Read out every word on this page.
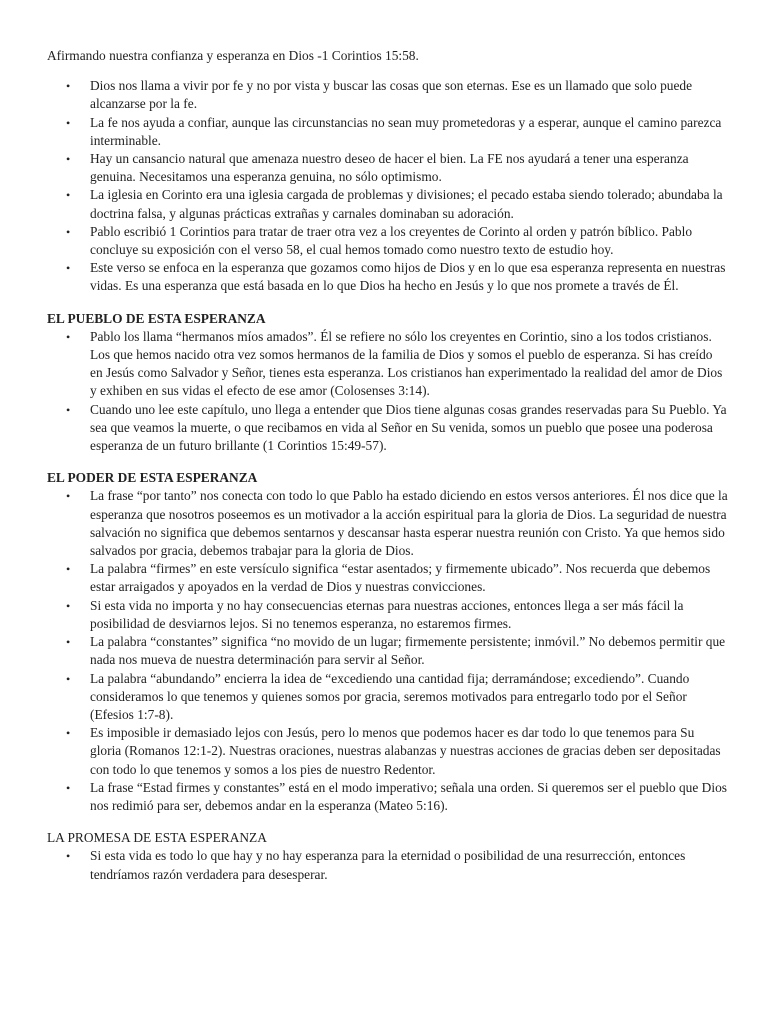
Afirmando nuestra confianza y esperanza en Dios -1 Corintios 15:58.

• Dios nos llama a vivir por fe y no por vista y buscar las cosas que son eternas. Ese es un llamado que solo puede alcanzarse por la fe.
• La fe nos ayuda a confiar, aunque las circunstancias no sean muy prometedoras y a esperar, aunque el camino parezca interminable.
• Hay un cansancio natural que amenaza nuestro deseo de hacer el bien. La FE nos ayudará a tener una esperanza genuina. Necesitamos una esperanza genuina, no sólo optimismo.
• La iglesia en Corinto era una iglesia cargada de problemas y divisiones; el pecado estaba siendo tolerado; abundaba la doctrina falsa, y algunas prácticas extrañas y carnales dominaban su adoración.
• Pablo escribió 1 Corintios para tratar de traer otra vez a los creyentes de Corinto al orden y patrón bíblico. Pablo concluye su exposición con el verso 58, el cual hemos tomado como nuestro texto de estudio hoy.
• Este verso se enfoca en la esperanza que gozamos como hijos de Dios y en lo que esa esperanza representa en nuestras vidas. Es una esperanza que está basada en lo que Dios ha hecho en Jesús y lo que nos promete a través de Él.
EL PUEBLO DE ESTA ESPERANZA
• Pablo los llama “hermanos míos amados”. Él se refiere no sólo los creyentes en Corintio, sino a los todos cristianos. Los que hemos nacido otra vez somos hermanos de la familia de Dios y somos el pueblo de esperanza. Si has creído en Jesús como Salvador y Señor, tienes esta esperanza. Los cristianos han experimentado la realidad del amor de Dios y exhiben en sus vidas el efecto de ese amor (Colosenses 3:14).
• Cuando uno lee este capítulo, uno llega a entender que Dios tiene algunas cosas grandes reservadas para Su Pueblo. Ya sea que veamos la muerte, o que recibamos en vida al Señor en Su venida, somos un pueblo que posee una poderosa esperanza de un futuro brillante (1 Corintios 15:49-57).
EL PODER DE ESTA ESPERANZA
• La frase “por tanto” nos conecta con todo lo que Pablo ha estado diciendo en estos versos anteriores. Él nos dice que la esperanza que nosotros poseemos es un motivador a la acción espiritual para la gloria de Dios. La seguridad de nuestra salvación no significa que debemos sentarnos y descansar hasta esperar nuestra reunión con Cristo. Ya que hemos sido salvados por gracia, debemos trabajar para la gloria de Dios.
• La palabra “firmes” en este versículo significa “estar asentados; y firmemente ubicado”. Nos recuerda que debemos estar arraigados y apoyados en la verdad de Dios y nuestras convicciones.
• Si esta vida no importa y no hay consecuencias eternas para nuestras acciones, entonces llega a ser más fácil la posibilidad de desviarnos lejos. Si no tenemos esperanza, no estaremos firmes.
• La palabra “constantes” significa “no movido de un lugar; firmemente persistente; inmóvil.” No debemos permitir que nada nos mueva de nuestra determinación para servir al Señor.
• La palabra “abundando” encierra la idea de “excediendo una cantidad fija; derramándose; excediendo”. Cuando consideramos lo que tenemos y quienes somos por gracia, seremos motivados para entregarlo todo por el Señor (Efesios 1:7-8).
• Es imposible ir demasiado lejos con Jesús, pero lo menos que podemos hacer es dar todo lo que tenemos para Su gloria (Romanos 12:1-2). Nuestras oraciones, nuestras alabanzas y nuestras acciones de gracias deben ser depositadas con todo lo que tenemos y somos a los pies de nuestro Redentor.
• La frase “Estad firmes y constantes” está en el modo imperativo; señala una orden. Si queremos ser el pueblo que Dios nos redimió para ser, debemos andar en la esperanza (Mateo 5:16).
LA PROMESA DE ESTA ESPERANZA
• Si esta vida es todo lo que hay y no hay esperanza para la eternidad o posibilidad de una resurrección, entonces tendríamos razón verdadera para desesperar.
